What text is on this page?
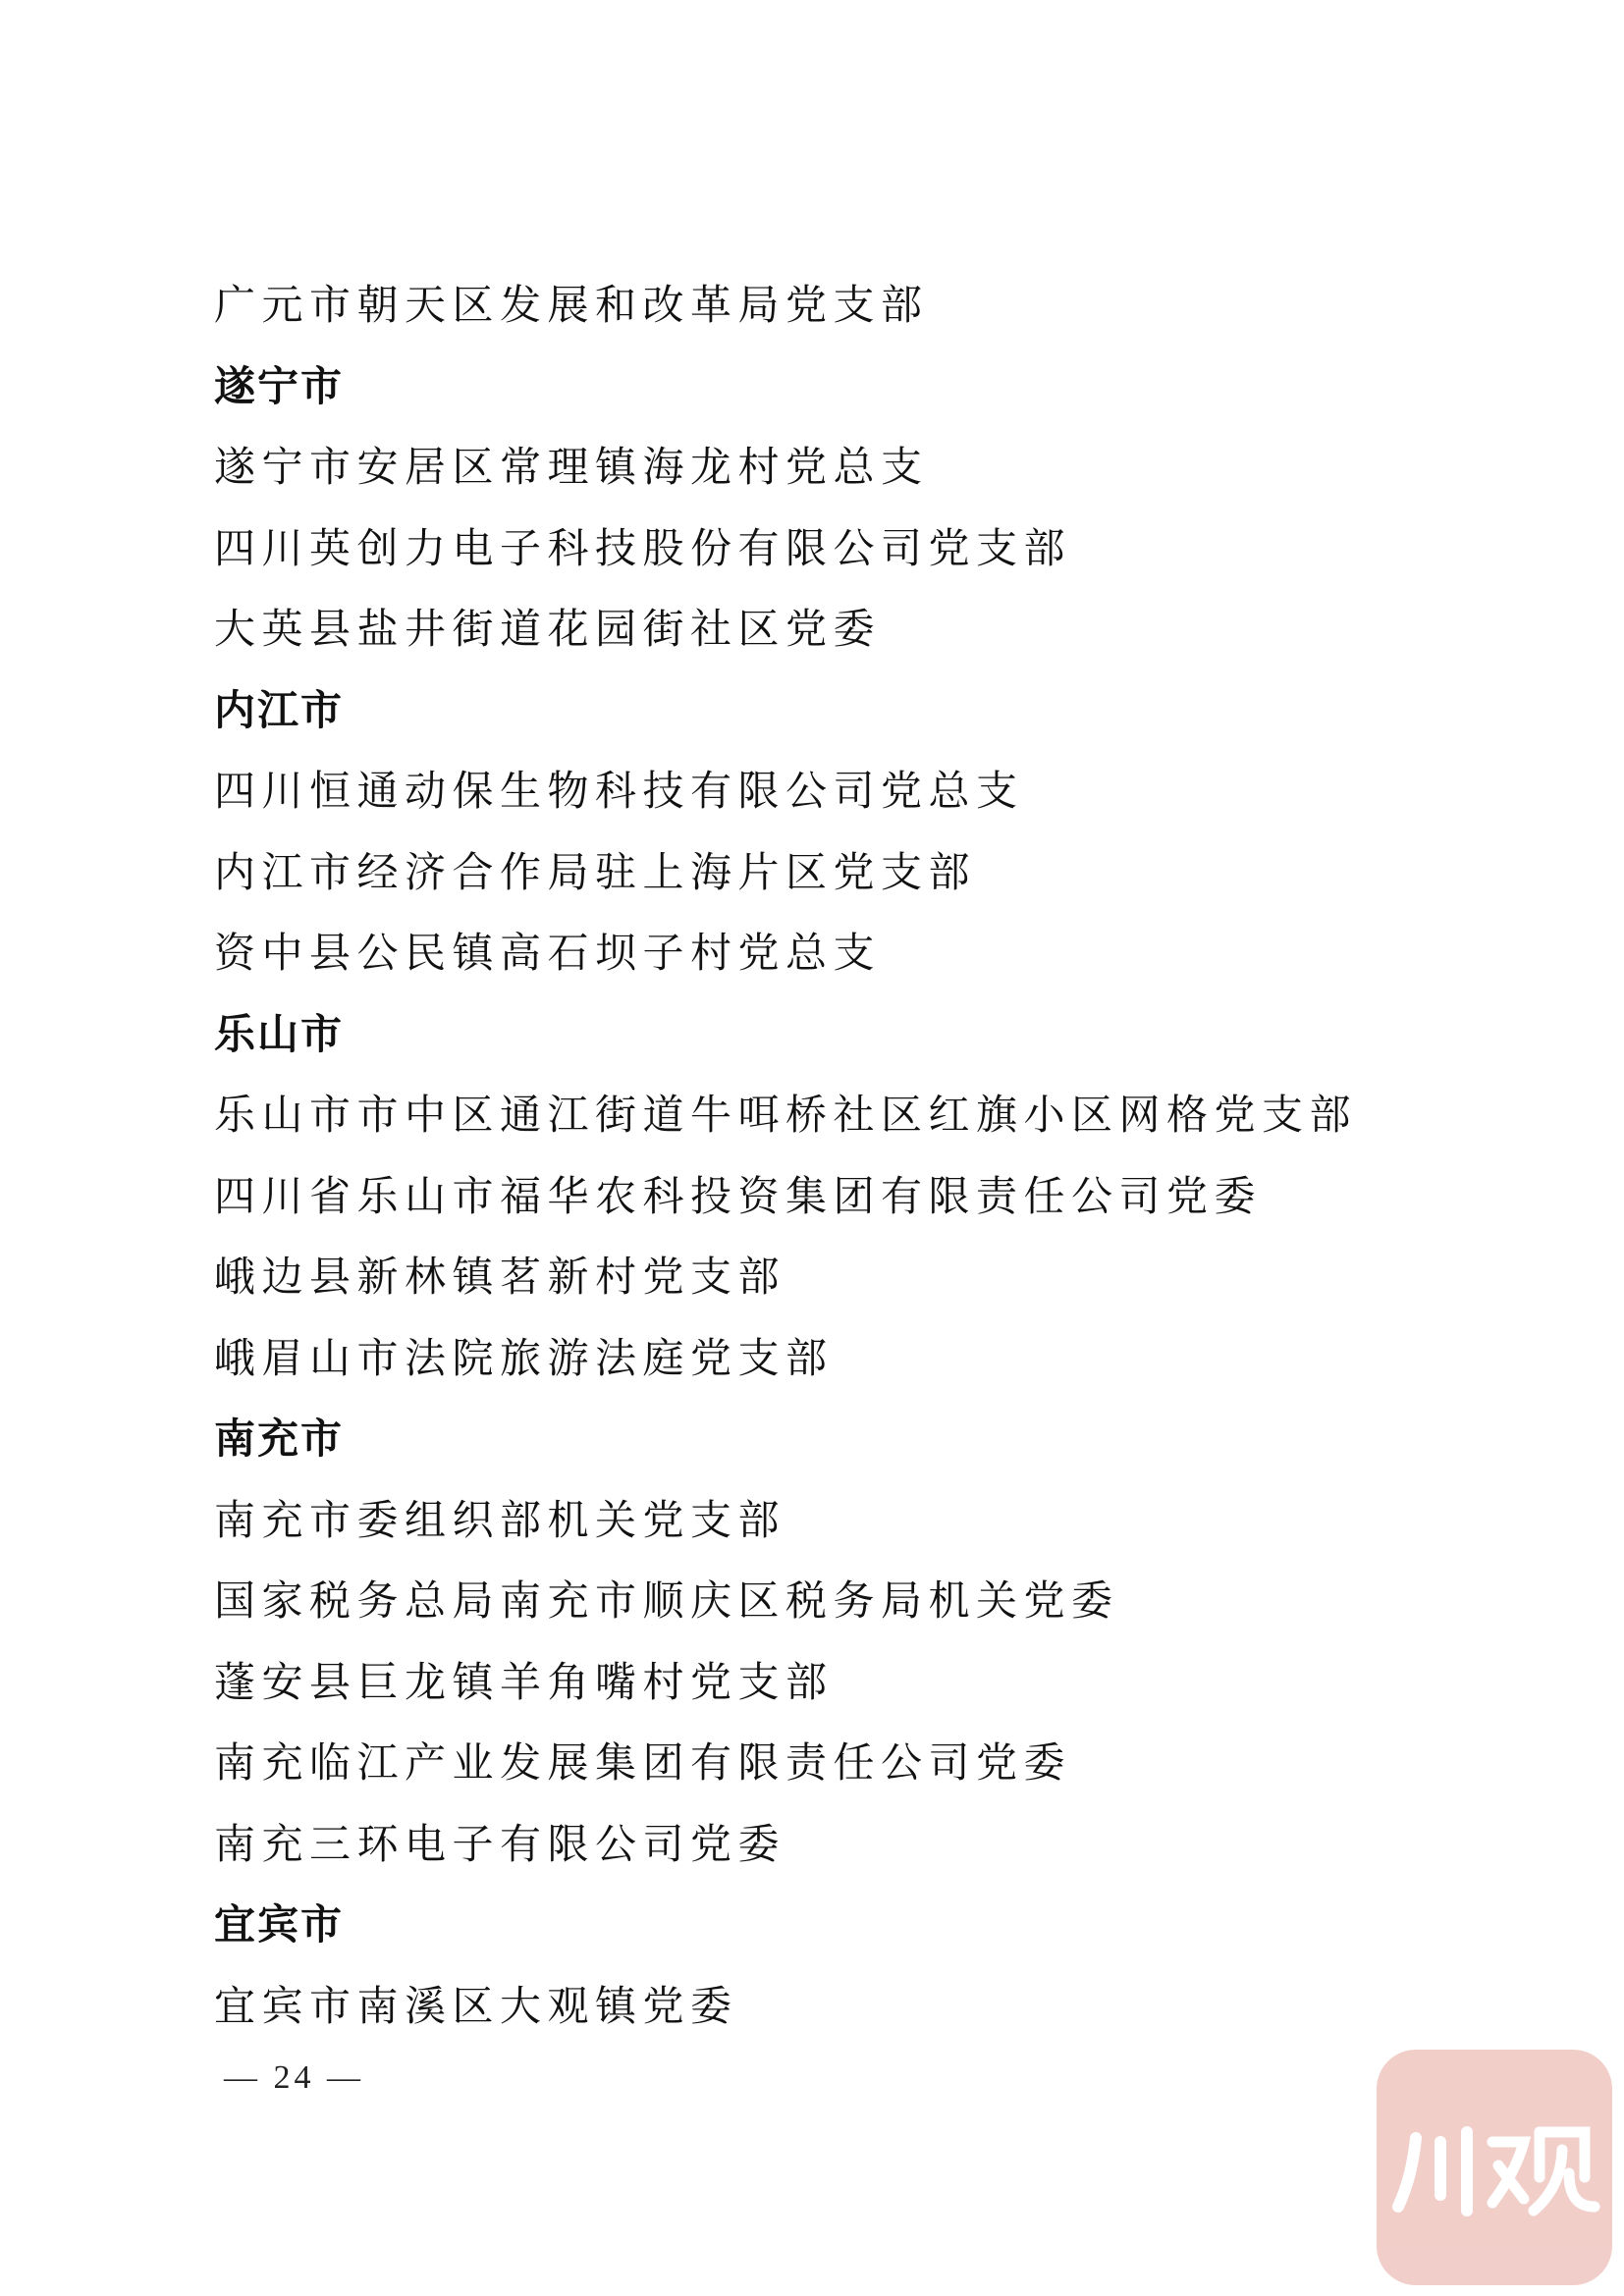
广元市朝天区发展和改革局党支部
遂宁市
遂宁市安居区常理镇海龙村党总支
四川英创力电子科技股份有限公司党支部
大英县盐井街道花园街社区党委
内江市
四川恒通动保生物科技有限公司党总支
内江市经济合作局驻上海片区党支部
资中县公民镇高石坝子村党总支
乐山市
乐山市市中区通江街道牛咡桥社区红旗小区网格党支部
四川省乐山市福华农科投资集团有限责任公司党委
峨边县新林镇茗新村党支部
峨眉山市法院旅游法庭党支部
南充市
南充市委组织部机关党支部
国家税务总局南充市顺庆区税务局机关党委
蓬安县巨龙镇羊角嘴村党支部
南充临江产业发展集团有限责任公司党委
南充三环电子有限公司党委
宜宾市
宜宾市南溪区大观镇党委
— 24 —
